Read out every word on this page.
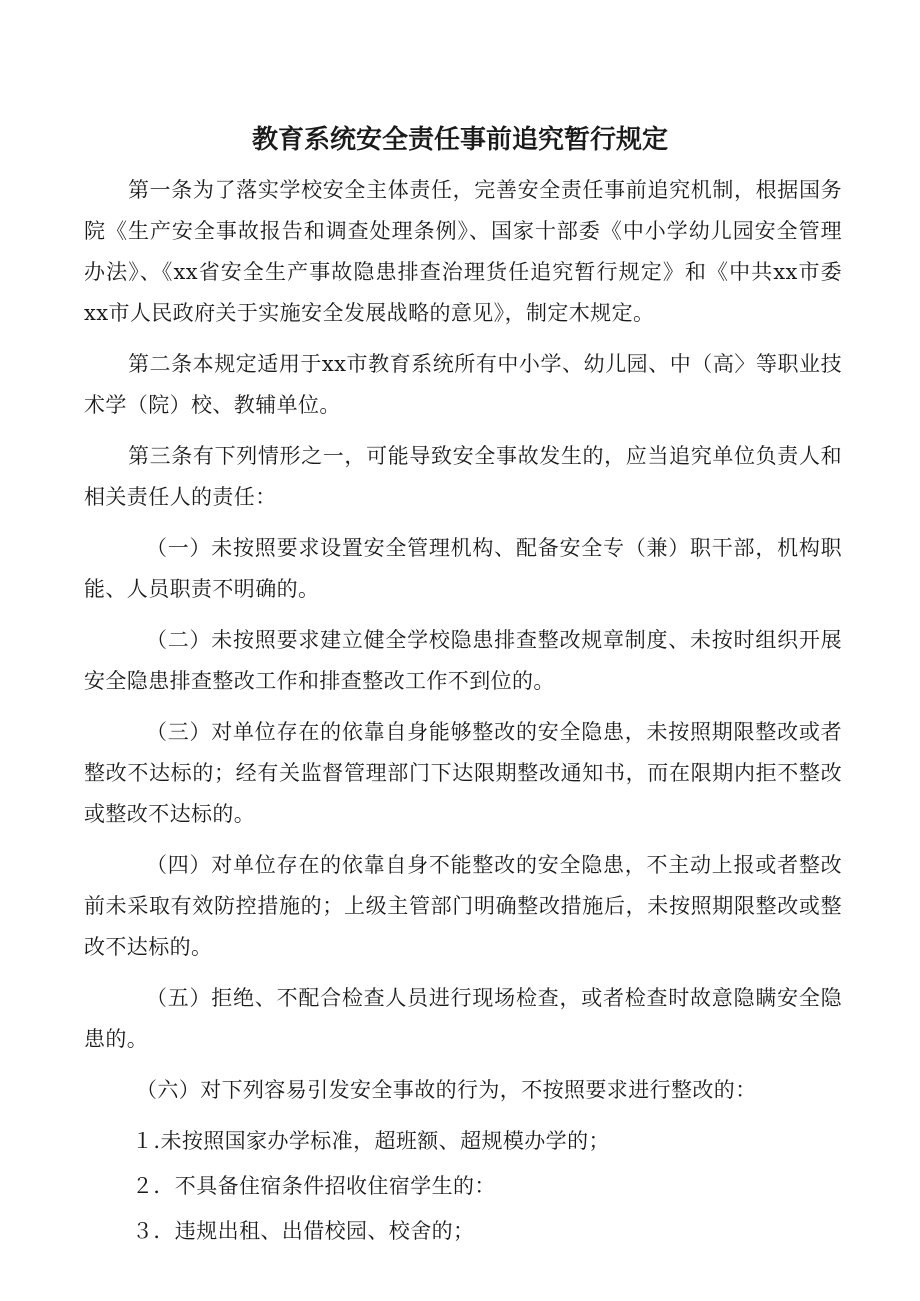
教育系统安全责任事前追究暂行规定

第一条为了落实学校安全主体责任，完善安全责任事前追究机制，根据国务院《生产安全事故报告和调查处理条例》、国家十部委《中小学幼儿园安全管理办法》、《xx省安全生产事故隐患排查治理货任追究暂行规定》和《中共xx市委xx市人民政府关于实施安全发展战略的意见》，制定木规定。

第二条本规定适用于xx市教育系统所有中小学、幼儿园、中（高〉等职业技术学（院）校、教辅单位。

第三条有下列情形之一，可能导致安全事故发生的，应当追究单位负责人和相关责任人的责任：

（一）未按照要求设置安全管理机构、配备安全专（兼）职干部，机构职能、人员职责不明确的。

（二）未按照要求建立健全学校隐患排查整改规章制度、未按时组织开展安全隐患排查整改工作和排查整改工作不到位的。

（三）对单位存在的依靠自身能够整改的安全隐患，未按照期限整改或者整改不达标的；经有关监督管理部门下达限期整改通知书，而在限期内拒不整改或整改不达标的。

（四）对单位存在的依靠自身不能整改的安全隐患，不主动上报或者整改前未采取有效防控措施的；上级主管部门明确整改措施后，未按照期限整改或整改不达标的。

（五）拒绝、不配合检查人员进行现场检查，或者检查时故意隐瞒安全隐患的。

（六）对下列容易引发安全事故的行为，不按照要求进行整改的：

１.未按照国家办学标准，超班额、超规模办学的；

２．不具备住宿条件招收住宿学生的：

３．违规出租、出借校园、校舍的；
